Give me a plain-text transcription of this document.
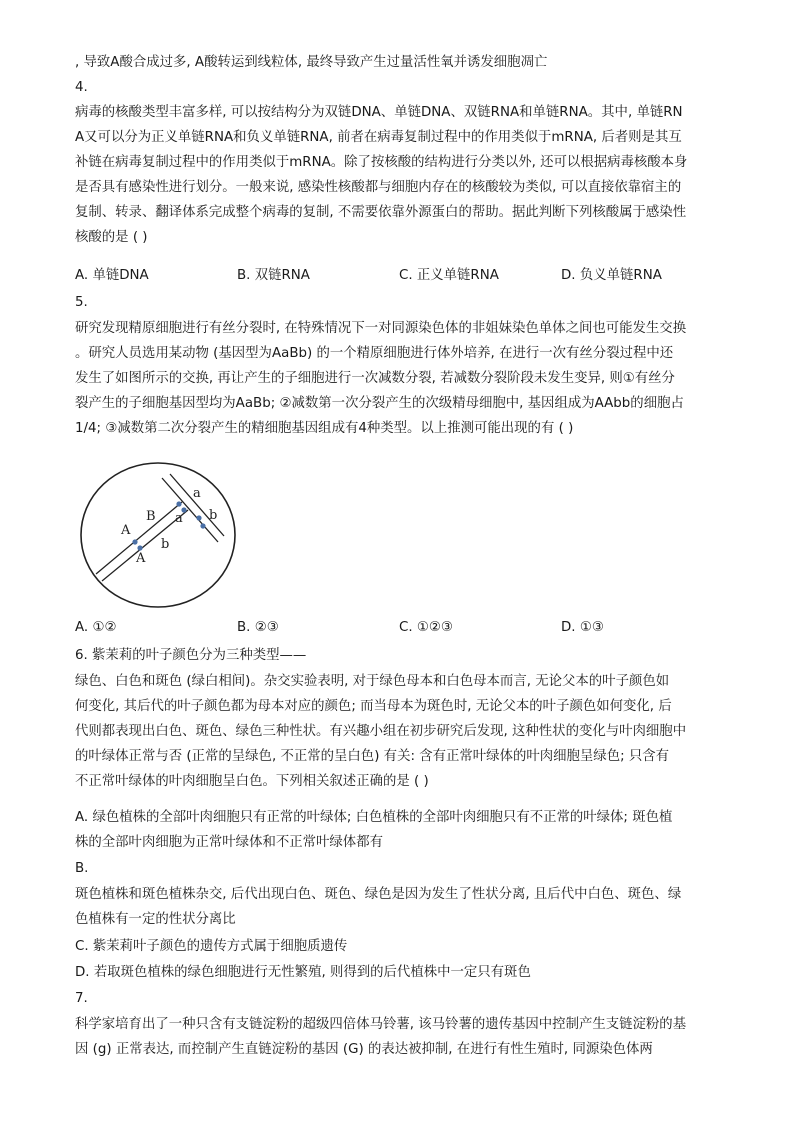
, 导致A酸合成过多, A酸转运到线粒体, 最终导致产生过量活性氧并诱发细胞凋亡
4.
病毒的核酸类型丰富多样, 可以按结构分为双链DNA、单链DNA、双链RNA和单链RNA。其中, 单链RN
A又可以分为正义单链RNA和负义单链RNA, 前者在病毒复制过程中的作用类似于mRNA, 后者则是其互
补链在病毒复制过程中的作用类似于mRNA。除了按核酸的结构进行分类以外, 还可以根据病毒核酸本身
是否具有感染性进行划分。一般来说, 感染性核酸都与细胞内存在的核酸较为类似, 可以直接依靠宿主的
复制、转录、翻译体系完成整个病毒的复制, 不需要依靠外源蛋白的帮助。据此判断下列核酸属于感染性
核酸的是 ( )
A. 单链DNA	B. 双链RNA	C. 正义单链RNA	D. 负义单链RNA
5.
研究发现精原细胞进行有丝分裂时, 在特殊情况下一对同源染色体的非姐妹染色单体之间也可能发生交换
。研究人员选用某动物 (基因型为AaBb) 的一个精原细胞进行体外培养, 在进行一次有丝分裂过程中还
发生了如图所示的交换, 再让产生的子细胞进行一次减数分裂, 若减数分裂阶段未发生变异, 则①有丝分
裂产生的子细胞基因型均为AaBb; ②减数第一次分裂产生的次级精母细胞中, 基因组成为AAbb的细胞占
1/4; ③减数第二次分裂产生的精细胞基因组成有4种类型。以上推测可能出现的有 ( )
a
b
B a
A
b
A
A. ①②	B. ②③	C. ①②③	D. ①③
6. 紫茉莉的叶子颜色分为三种类型——
绿色、白色和斑色 (绿白相间)。杂交实验表明, 对于绿色母本和白色母本而言, 无论父本的叶子颜色如
何变化, 其后代的叶子颜色都为母本对应的颜色; 而当母本为斑色时, 无论父本的叶子颜色如何变化, 后
代则都表现出白色、斑色、绿色三种性状。有兴趣小组在初步研究后发现, 这种性状的变化与叶肉细胞中
的叶绿体正常与否 (正常的呈绿色, 不正常的呈白色) 有关: 含有正常叶绿体的叶肉细胞呈绿色; 只含有
不正常叶绿体的叶肉细胞呈白色。下列相关叙述正确的是 ( )
A. 绿色植株的全部叶肉细胞只有正常的叶绿体; 白色植株的全部叶肉细胞只有不正常的叶绿体; 斑色植
株的全部叶肉细胞为正常叶绿体和不正常叶绿体都有
B.
斑色植株和斑色植株杂交, 后代出现白色、斑色、绿色是因为发生了性状分离, 且后代中白色、斑色、绿
色植株有一定的性状分离比
C. 紫茉莉叶子颜色的遗传方式属于细胞质遗传
D. 若取斑色植株的绿色细胞进行无性繁殖, 则得到的后代植株中一定只有斑色
7.
科学家培育出了一种只含有支链淀粉的超级四倍体马铃薯, 该马铃薯的遗传基因中控制产生支链淀粉的基
因 (g) 正常表达, 而控制产生直链淀粉的基因 (G) 的表达被抑制, 在进行有性生殖时, 同源染色体两
